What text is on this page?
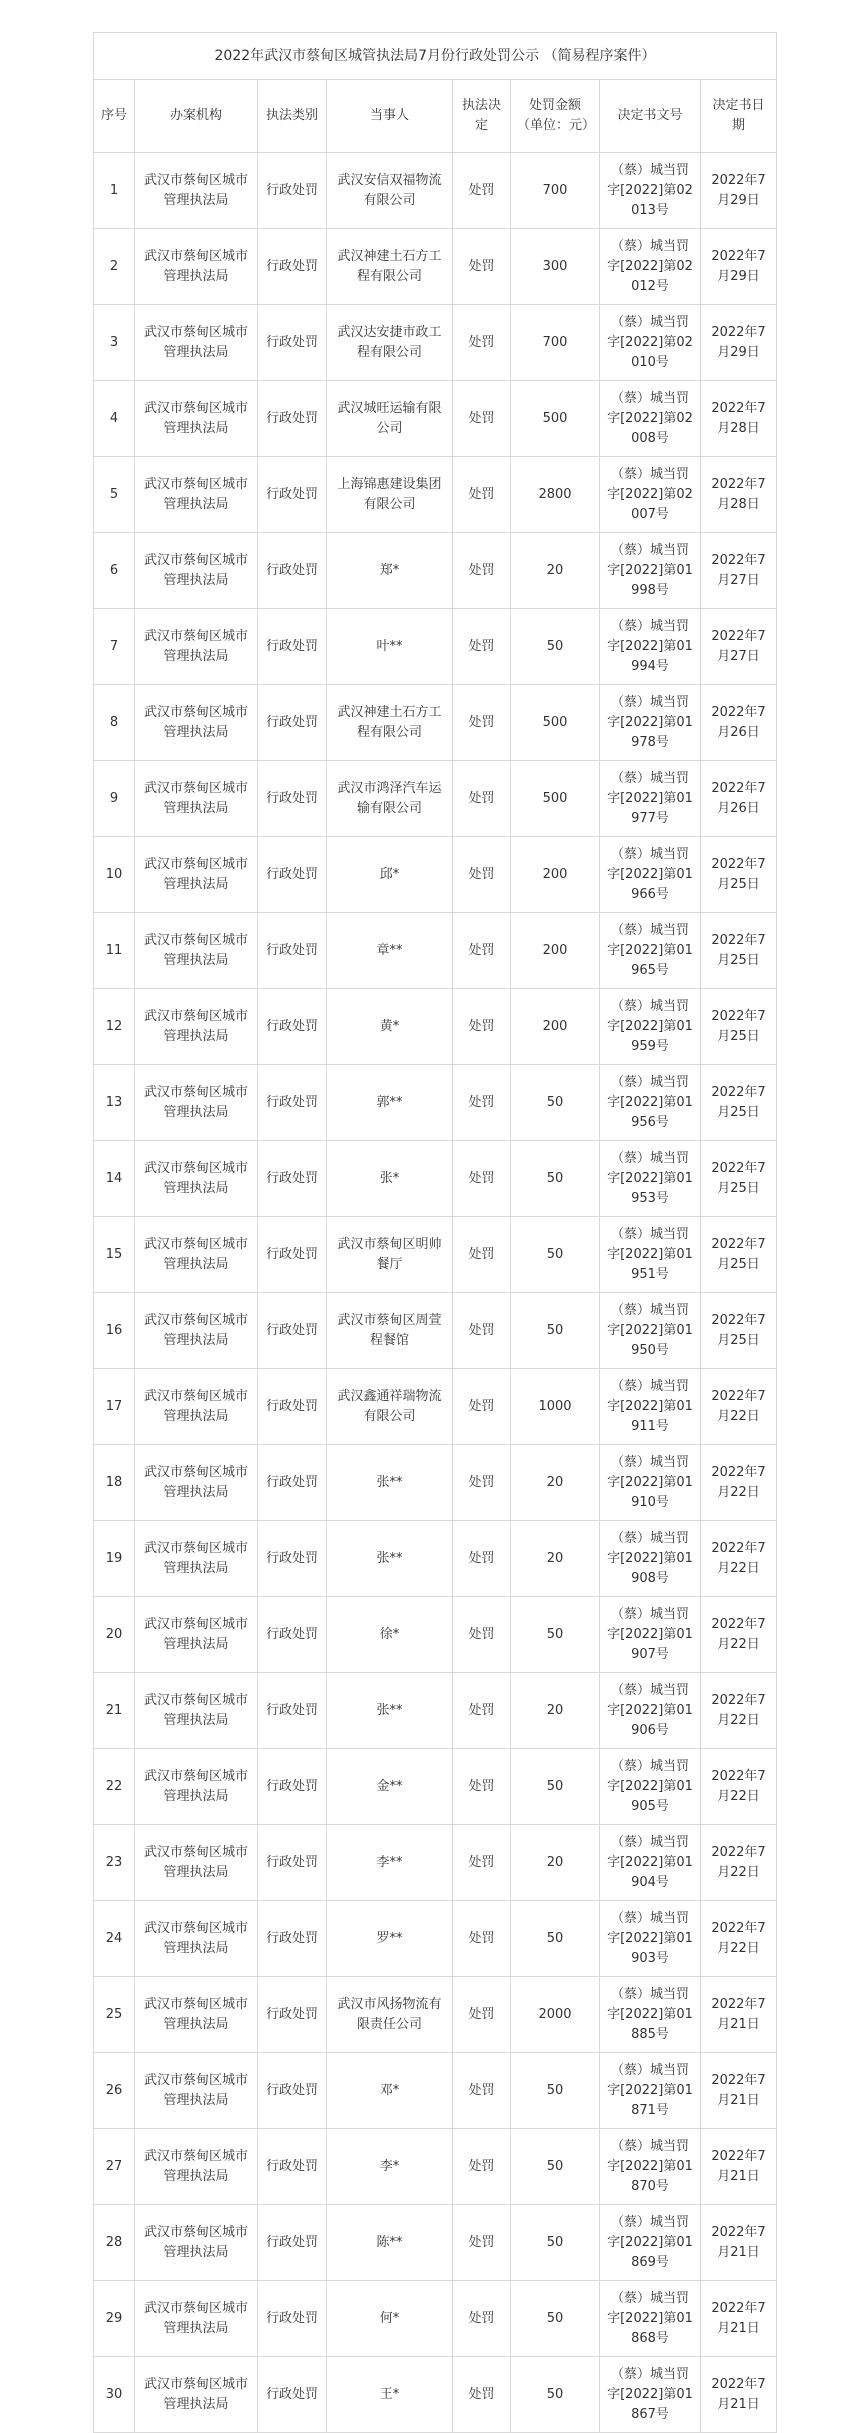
2022年武汉市蔡甸区城管执法局7月份行政处罚公示 （简易程序案件）							
序号	办案机构	执法类别	当事人	执法决定	处罚金额（单位：元）	决定书文号	决定书日期
1	武汉市蔡甸区城市管理执法局	行政处罚	武汉安信双福物流有限公司	处罚	700	（蔡）城当罚字[2022]第02013号	2022年7月29日
2	武汉市蔡甸区城市管理执法局	行政处罚	武汉神建土石方工程有限公司	处罚	300	（蔡）城当罚字[2022]第02012号	2022年7月29日
3	武汉市蔡甸区城市管理执法局	行政处罚	武汉达安捷市政工程有限公司	处罚	700	（蔡）城当罚字[2022]第02010号	2022年7月29日
4	武汉市蔡甸区城市管理执法局	行政处罚	武汉城旺运输有限公司	处罚	500	（蔡）城当罚字[2022]第02008号	2022年7月28日
5	武汉市蔡甸区城市管理执法局	行政处罚	上海锦惠建设集团有限公司	处罚	2800	（蔡）城当罚字[2022]第02007号	2022年7月28日
6	武汉市蔡甸区城市管理执法局	行政处罚	郑*	处罚	20	（蔡）城当罚字[2022]第01998号	2022年7月27日
7	武汉市蔡甸区城市管理执法局	行政处罚	叶**	处罚	50	（蔡）城当罚字[2022]第01994号	2022年7月27日
8	武汉市蔡甸区城市管理执法局	行政处罚	武汉神建土石方工程有限公司	处罚	500	（蔡）城当罚字[2022]第01978号	2022年7月26日
9	武汉市蔡甸区城市管理执法局	行政处罚	武汉市鸿泽汽车运输有限公司	处罚	500	（蔡）城当罚字[2022]第01977号	2022年7月26日
10	武汉市蔡甸区城市管理执法局	行政处罚	邱*	处罚	200	（蔡）城当罚字[2022]第01966号	2022年7月25日
11	武汉市蔡甸区城市管理执法局	行政处罚	章**	处罚	200	（蔡）城当罚字[2022]第01965号	2022年7月25日
12	武汉市蔡甸区城市管理执法局	行政处罚	黄*	处罚	200	（蔡）城当罚字[2022]第01959号	2022年7月25日
13	武汉市蔡甸区城市管理执法局	行政处罚	郭**	处罚	50	（蔡）城当罚字[2022]第01956号	2022年7月25日
14	武汉市蔡甸区城市管理执法局	行政处罚	张*	处罚	50	（蔡）城当罚字[2022]第01953号	2022年7月25日
15	武汉市蔡甸区城市管理执法局	行政处罚	武汉市蔡甸区明帅餐厅	处罚	50	（蔡）城当罚字[2022]第01951号	2022年7月25日
16	武汉市蔡甸区城市管理执法局	行政处罚	武汉市蔡甸区周萱程餐馆	处罚	50	（蔡）城当罚字[2022]第01950号	2022年7月25日
17	武汉市蔡甸区城市管理执法局	行政处罚	武汉鑫通祥瑞物流有限公司	处罚	1000	（蔡）城当罚字[2022]第01911号	2022年7月22日
18	武汉市蔡甸区城市管理执法局	行政处罚	张**	处罚	20	（蔡）城当罚字[2022]第01910号	2022年7月22日
19	武汉市蔡甸区城市管理执法局	行政处罚	张**	处罚	20	（蔡）城当罚字[2022]第01908号	2022年7月22日
20	武汉市蔡甸区城市管理执法局	行政处罚	徐*	处罚	50	（蔡）城当罚字[2022]第01907号	2022年7月22日
21	武汉市蔡甸区城市管理执法局	行政处罚	张**	处罚	20	（蔡）城当罚字[2022]第01906号	2022年7月22日
22	武汉市蔡甸区城市管理执法局	行政处罚	金**	处罚	50	（蔡）城当罚字[2022]第01905号	2022年7月22日
23	武汉市蔡甸区城市管理执法局	行政处罚	李**	处罚	20	（蔡）城当罚字[2022]第01904号	2022年7月22日
24	武汉市蔡甸区城市管理执法局	行政处罚	罗**	处罚	50	（蔡）城当罚字[2022]第01903号	2022年7月22日
25	武汉市蔡甸区城市管理执法局	行政处罚	武汉市风扬物流有限责任公司	处罚	2000	（蔡）城当罚字[2022]第01885号	2022年7月21日
26	武汉市蔡甸区城市管理执法局	行政处罚	邓*	处罚	50	（蔡）城当罚字[2022]第01871号	2022年7月21日
27	武汉市蔡甸区城市管理执法局	行政处罚	李*	处罚	50	（蔡）城当罚字[2022]第01870号	2022年7月21日
28	武汉市蔡甸区城市管理执法局	行政处罚	陈**	处罚	50	（蔡）城当罚字[2022]第01869号	2022年7月21日
29	武汉市蔡甸区城市管理执法局	行政处罚	何*	处罚	50	（蔡）城当罚字[2022]第01868号	2022年7月21日
30	武汉市蔡甸区城市管理执法局	行政处罚	王*	处罚	50	（蔡）城当罚字[2022]第01867号	2022年7月21日
